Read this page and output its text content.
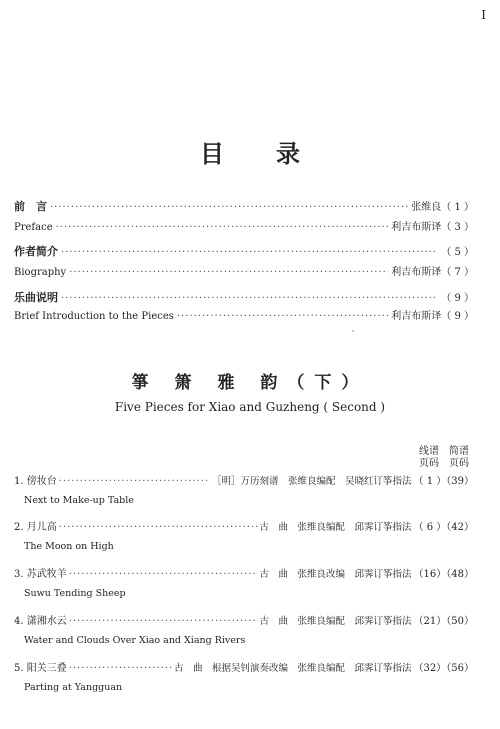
I
目录
前　言 ·····	张维良（ 1 ）
Preface ·····	利吉布斯译（ 3 ）
作者简介 ·····	（ 5 ）
Biography ·····	利吉布斯译（ 7 ）
乐曲说明 ·····	（ 9 ）
Brief Introduction to the Pieces ·····	利吉布斯译（ 9 ）
箏 箫 雅 韵（下）
Five Pieces for Xiao and Guzheng ( Second )
线谱 简谱
页码 页码
1. 傍妆台 ·····	［明］万历刻谱　张维良编配　吴晓红订筝指法 （ 1 ）（39）
Next to Make-up Table
2. 月儿高 ·····	古　曲　张维良编配　邱霁订筝指法 （ 6 ）（42）
The Moon on High
3. 苏武牧羊 ·····	古　曲　张维良改编　邱霁订筝指法 （16）（48）
Suwu Tending Sheep
4. 潇湘水云 ·····	古　曲　张维良编配　邱霁订筝指法 （21）（50）
Water and Clouds Over Xiao and Xiang Rivers
5. 阳关三叠 ·····	古　曲　根据吴钊演奏改编　张维良编配　邱霁订筝指法 （32）（56）
Parting at Yangguan
